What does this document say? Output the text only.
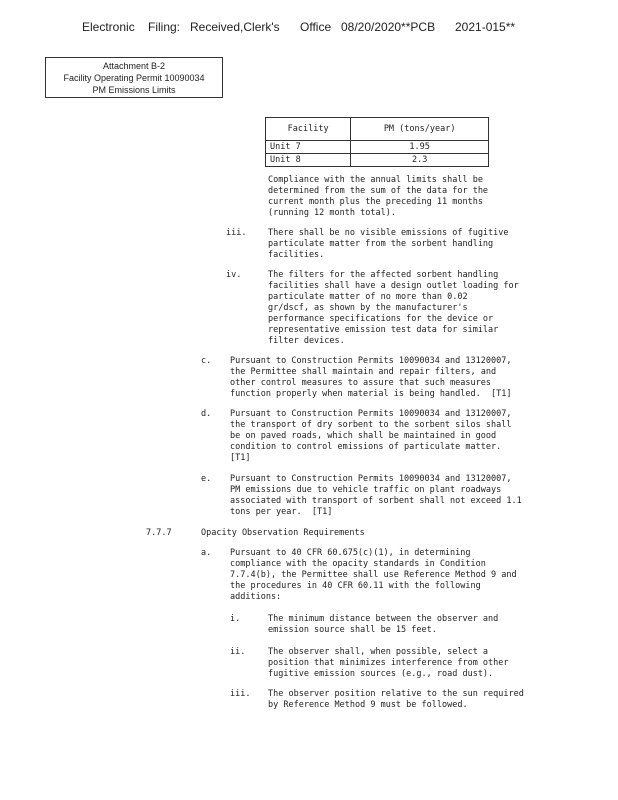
Electronic Filing: Received,Clerk's Office 08/20/2020**PCB 2021-015**
Attachment B-2
Facility Operating Permit 10090034
PM Emissions Limits
Facility	PM (tons/year)
Unit 7	1.95
Unit 8	2.3
Compliance with the annual limits shall be
determined from the sum of the data for the
current month plus the preceding 11 months
(running 12 month total).
iii.	There shall be no visible emissions of fugitive
particulate matter from the sorbent handling
facilities.
iv.	The filters for the affected sorbent handling
facilities shall have a design outlet loading for
particulate matter of no more than 0.02
gr/dscf, as shown by the manufacturer's
performance specifications for the device or
representative emission test data for similar
filter devices.
c. Pursuant to Construction Permits 10090034 and 13120007,
the Permittee shall maintain and repair filters, and
other control measures to assure that such measures
function properly when material is being handled.  [T1]
d. Pursuant to Construction Permits 10090034 and 13120007,
the transport of dry sorbent to the sorbent silos shall
be on paved roads, which shall be maintained in good
condition to control emissions of particulate matter.
[T1]
e. Pursuant to Construction Permits 10090034 and 13120007,
PM emissions due to vehicle traffic on plant roadways
associated with transport of sorbent shall not exceed 1.1
tons per year.  [T1]
7.7.7	Opacity Observation Requirements
a. Pursuant to 40 CFR 60.675(c)(1), in determining
compliance with the opacity standards in Condition
7.7.4(b), the Permittee shall use Reference Method 9 and
the procedures in 40 CFR 60.11 with the following
additions:
i.	The minimum distance between the observer and
emission source shall be 15 feet.
ii.	The observer shall, when possible, select a
position that minimizes interference from other
fugitive emission sources (e.g., road dust).
iii. The observer position relative to the sun required
by Reference Method 9 must be followed.
